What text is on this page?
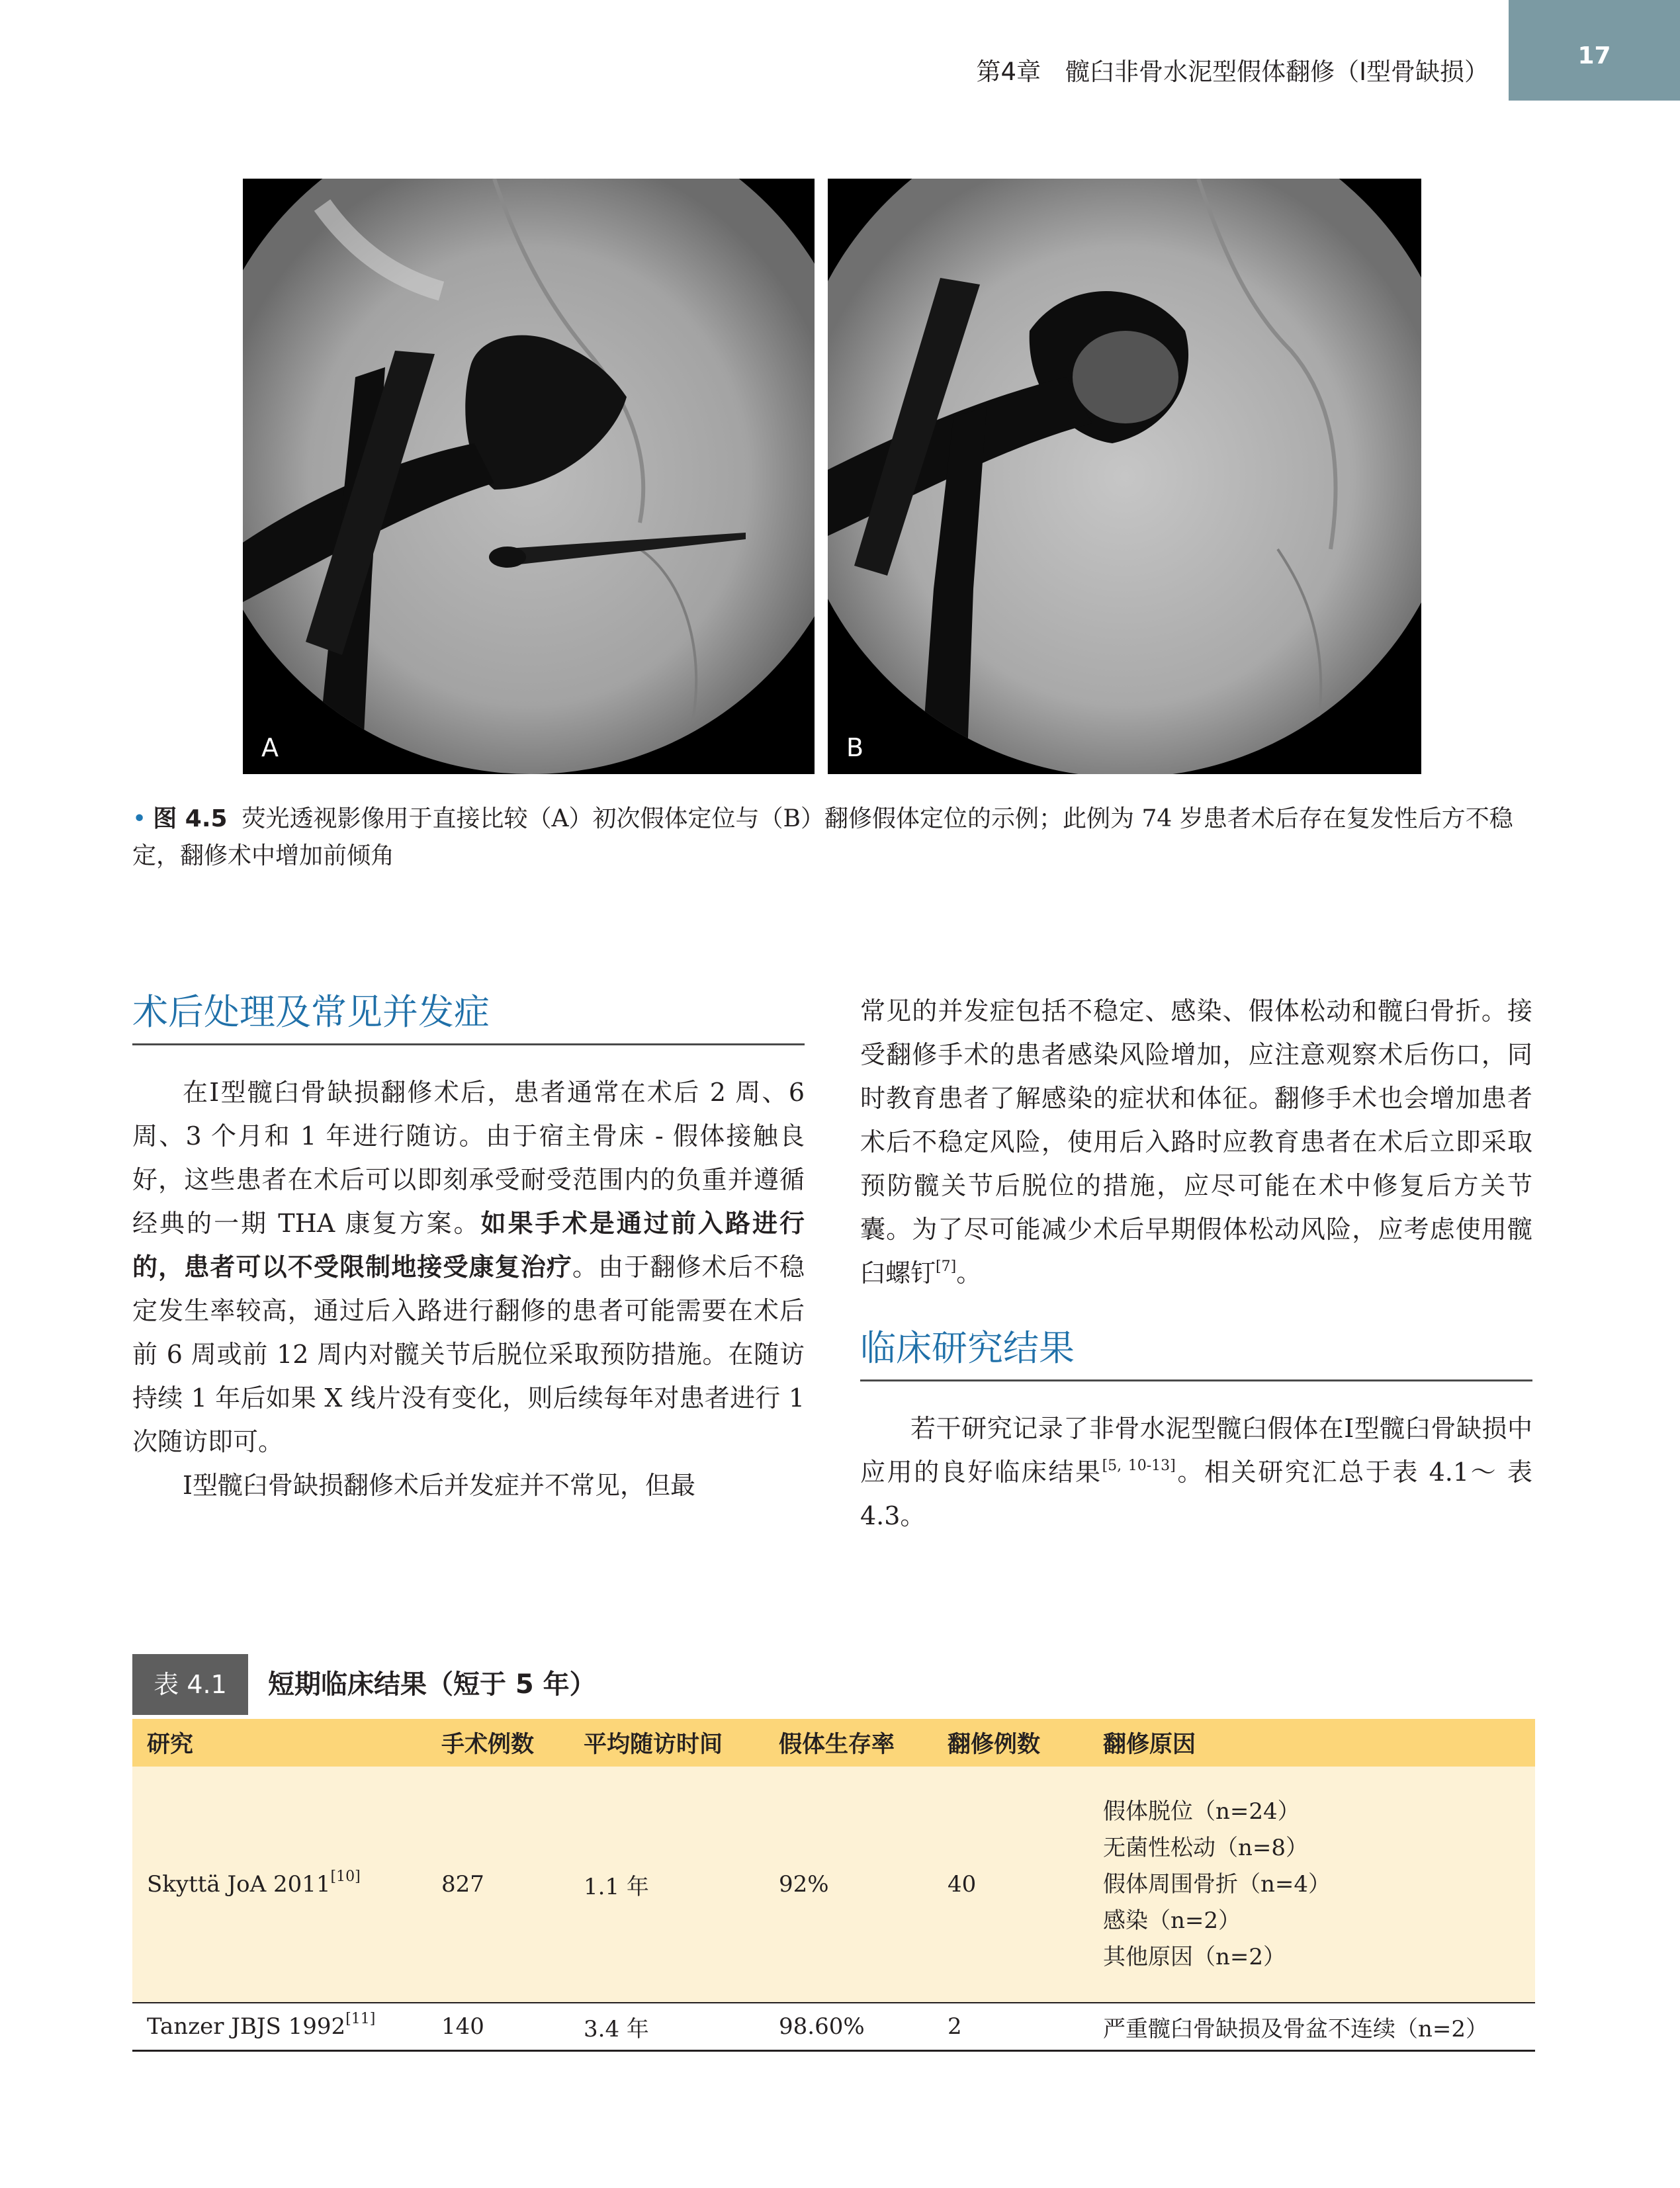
第4章　髋臼非骨水泥型假体翻修（Ⅰ型骨缺损）
17
A	B
• 图 4.5 荧光透视影像用于直接比较（A）初次假体定位与（B）翻修假体定位的示例；此例为 74 岁患者术后存在复发性后方不稳定，翻修术中增加前倾角
术后处理及常见并发症

在Ⅰ型髋臼骨缺损翻修术后，患者通常在术后 2 周、6 周、3 个月和 1 年进行随访。由于宿主骨床 - 假体接触良好，这些患者在术后可以即刻承受耐受范围内的负重并遵循经典的一期 THA 康复方案。如果手术是通过前入路进行的，患者可以不受限制地接受康复治疗。由于翻修术后不稳定发生率较高，通过后入路进行翻修的患者可能需要在术后前 6 周或前 12 周内对髋关节后脱位采取预防措施。在随访持续 1 年后如果 X 线片没有变化，则后续每年对患者进行 1 次随访即可。

Ⅰ型髋臼骨缺损翻修术后并发症并不常见，但最

常见的并发症包括不稳定、感染、假体松动和髋臼骨折。接受翻修手术的患者感染风险增加，应注意观察术后伤口，同时教育患者了解感染的症状和体征。翻修手术也会增加患者术后不稳定风险，使用后入路时应教育患者在术后立即采取预防髋关节后脱位的措施，应尽可能在术中修复后方关节囊。为了尽可能减少术后早期假体松动风险，应考虑使用髋臼螺钉[7]。

临床研究结果

若干研究记录了非骨水泥型髋臼假体在Ⅰ型髋臼骨缺损中应用的良好临床结果[5, 10-13]。相关研究汇总于表 4.1～ 表 4.3。

表 4.1	短期临床结果（短于 5 年）
研究	手术例数	平均随访时间	假体生存率	翻修例数	翻修原因
Skyttä JoA 2011[10]	827	1.1 年	92%	40	假体脱位（n=24）
无菌性松动（n=8）
假体周围骨折（n=4）
感染（n=2）
其他原因（n=2）

Tanzer JBJS 1992[11]	140	3.4 年	98.60%	2	严重髋臼骨缺损及骨盆不连续（n=2）
